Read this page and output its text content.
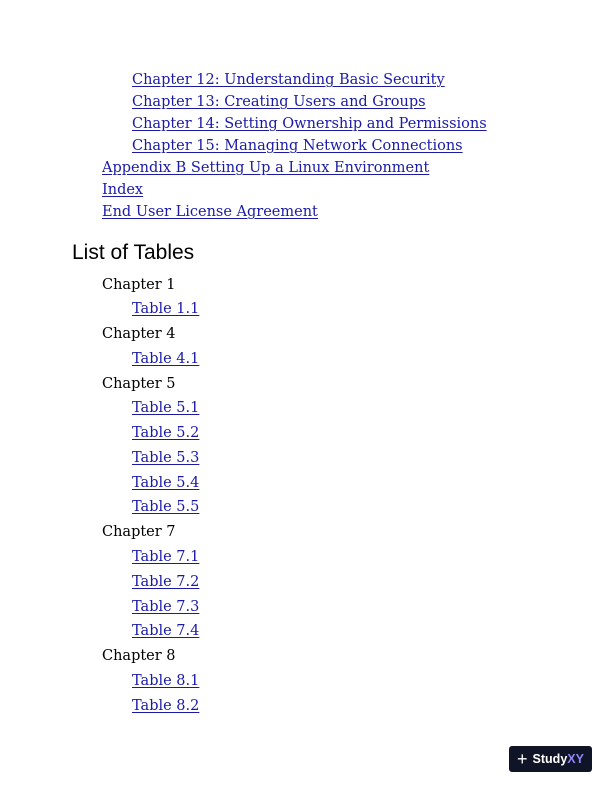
Chapter 12: Understanding Basic Security
Chapter 13: Creating Users and Groups
Chapter 14: Setting Ownership and Permissions
Chapter 15: Managing Network Connections
Appendix B Setting Up a Linux Environment
Index
End User License Agreement
List of Tables
Chapter 1
Table 1.1
Chapter 4
Table 4.1
Chapter 5
Table 5.1
Table 5.2
Table 5.3
Table 5.4
Table 5.5
Chapter 7
Table 7.1
Table 7.2
Table 7.3
Table 7.4
Chapter 8
Table 8.1
Table 8.2
+ Study XY
